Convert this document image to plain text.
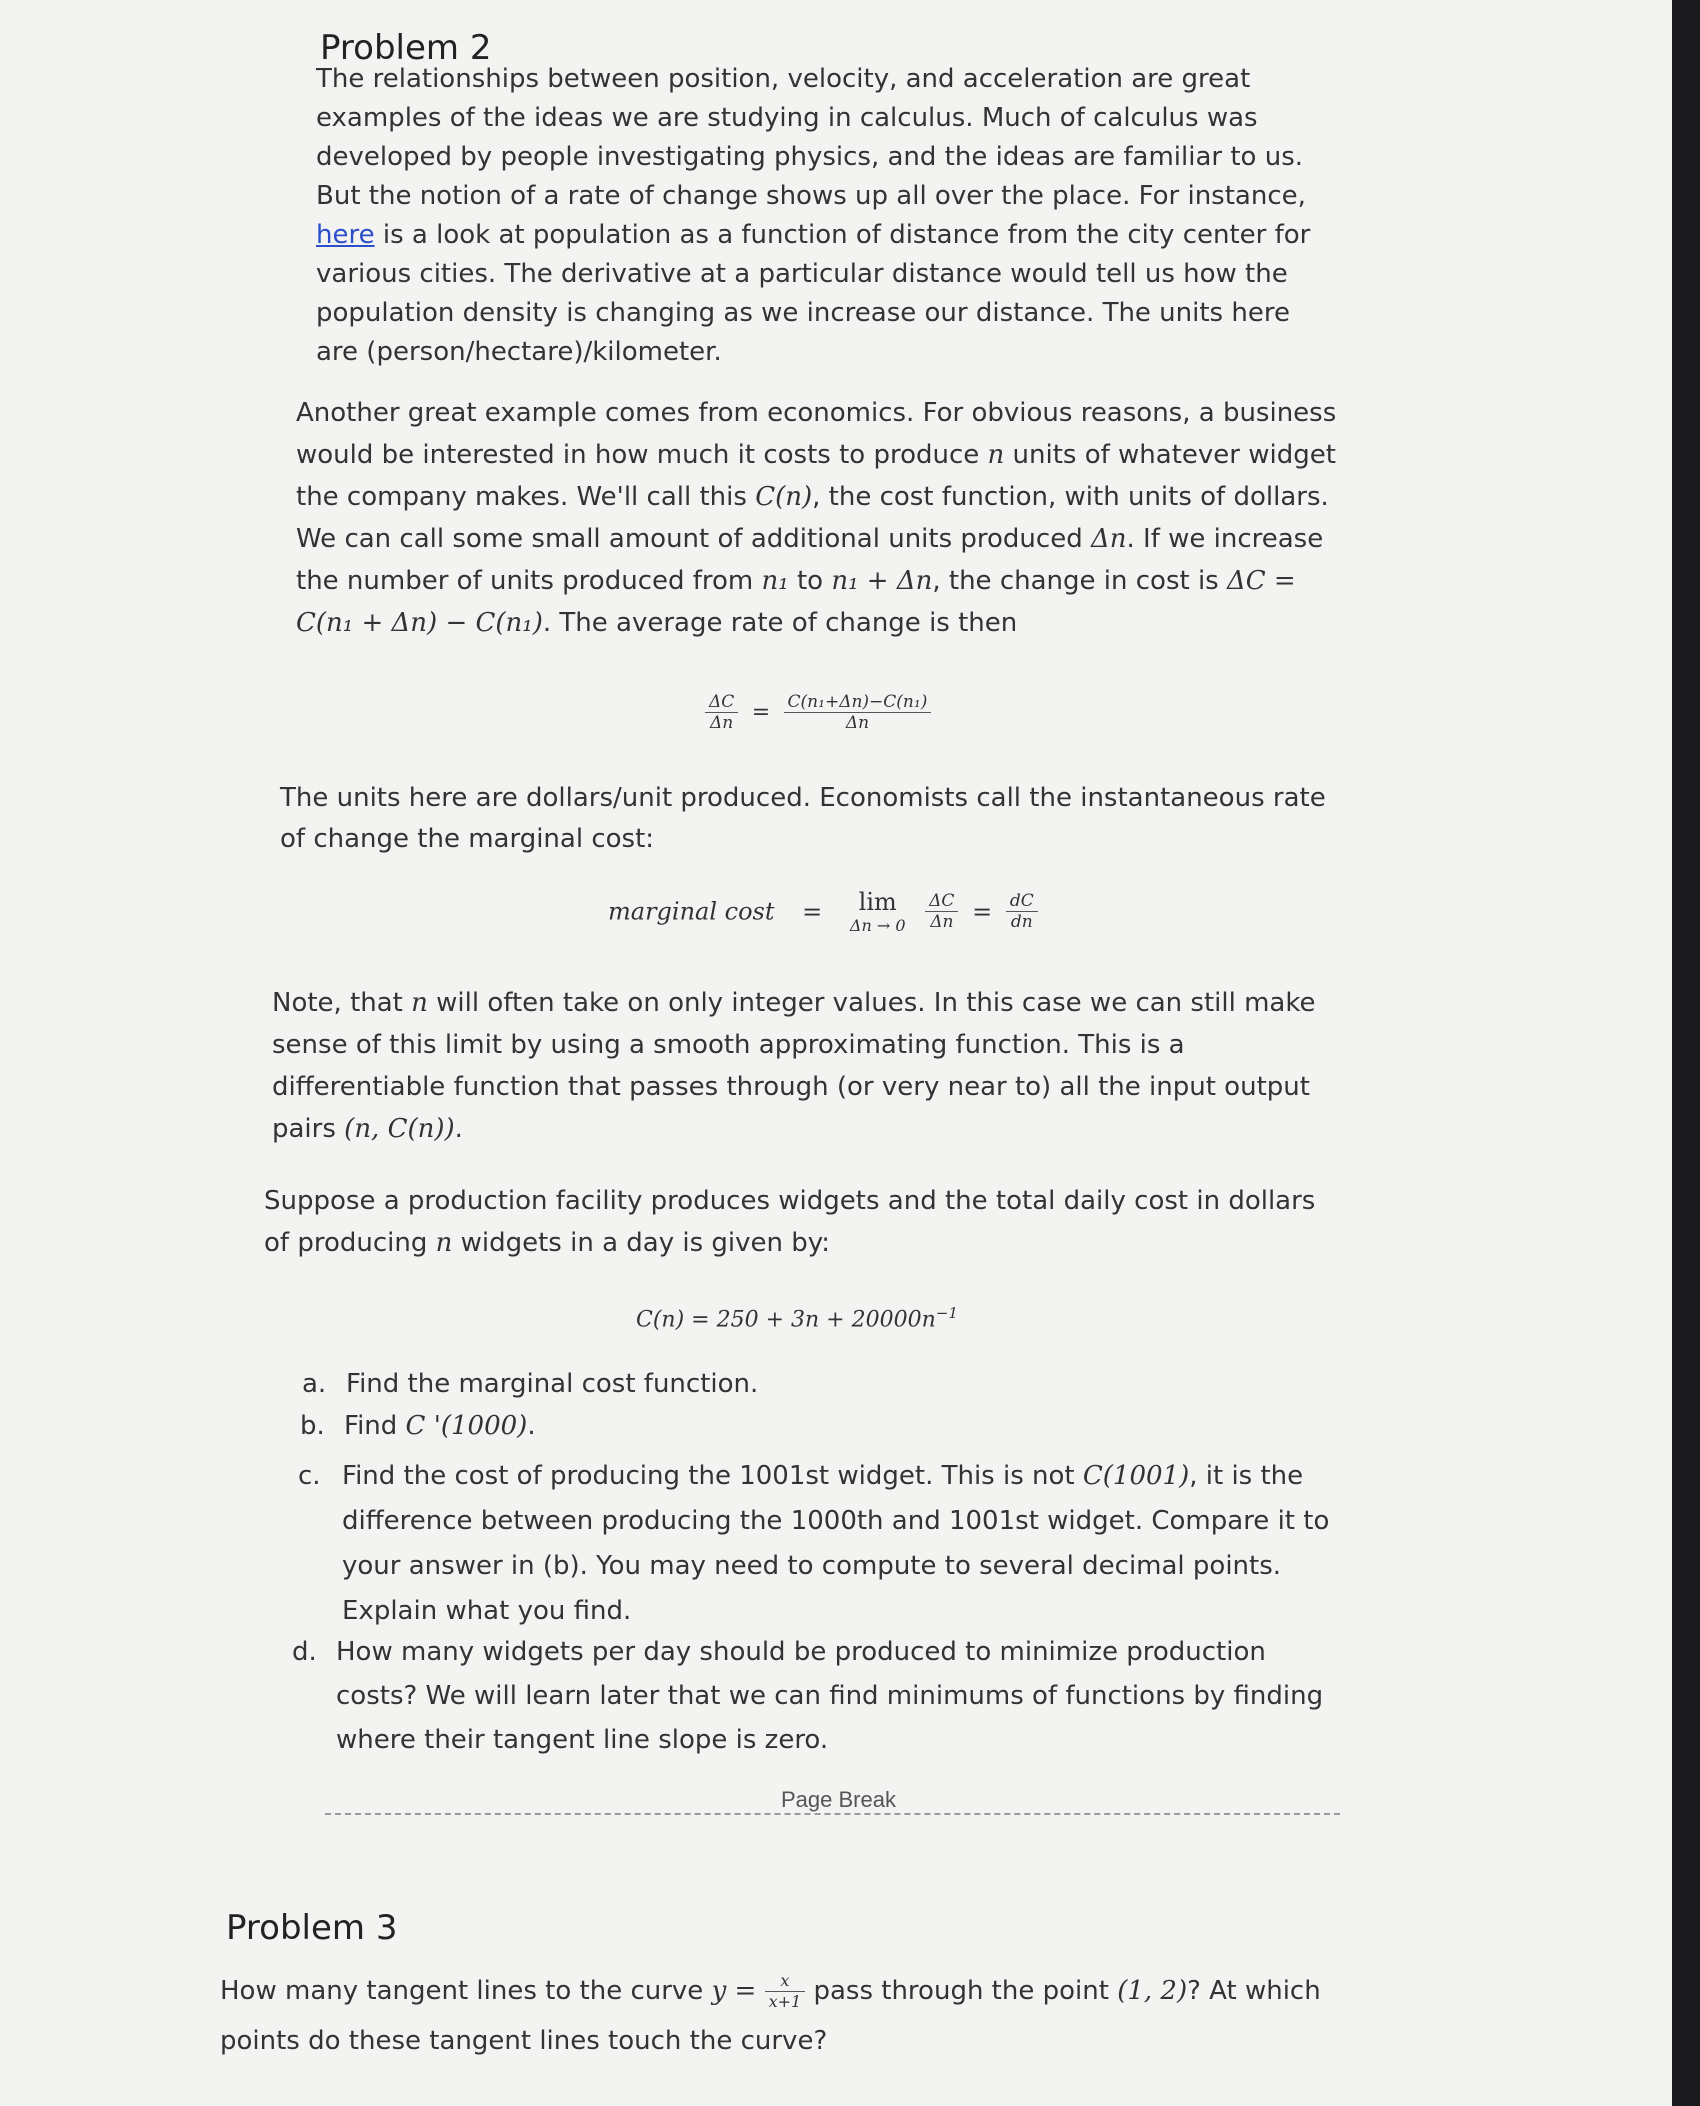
Problem 2

The relationships between position, velocity, and acceleration are great examples of the ideas we are studying in calculus. Much of calculus was developed by people investigating physics, and the ideas are familiar to us. But the notion of a rate of change shows up all over the place. For instance, here is a look at population as a function of distance from the city center for various cities. The derivative at a particular distance would tell us how the population density is changing as we increase our distance. The units here are (person/hectare)/kilometer.

Another great example comes from economics. For obvious reasons, a business would be interested in how much it costs to produce n units of whatever widget the company makes. We'll call this C(n), the cost function, with units of dollars. We can call some small amount of additional units produced Δn. If we increase the number of units produced from n₁ to n₁ + Δn, the change in cost is ΔC = C(n₁ + Δn) − C(n₁). The average rate of change is then

$\frac{\Delta C}{\Delta n} = \frac{\text{C(n₁+Δn)−C(n₁)}}{\Delta n}$

The units here are dollars/unit produced. Economists call the instantaneous rate of change the marginal cost:

marginal cost =	lim
Δn → 0
$\frac{\Delta C}{\Delta n} = \frac{dC}{dn}$

Note, that n will often take on only integer values. In this case we can still make sense of this limit by using a smooth approximating function. This is a differentiable function that passes through (or very near to) all the input output pairs (n, C(n)).

Suppose a production facility produces widgets and the total daily cost in dollars of producing n widgets in a day is given by:

$C(n) = 250 + 3n + 20000n^{-1}$
a. Find the marginal cost function.
b. Find C '(1000).
c. Find the cost of producing the 1001st widget. This is not C(1001), it is the difference between producing the 1000th and 1001st widget. Compare it to your answer in (b). You may need to compute to several decimal points. Explain what you find.
d. How many widgets per day should be produced to minimize production costs? We will learn later that we can find minimums of functions by finding where their tangent line slope is zero.
Page Break
Problem 3

How many tangent lines to the curve $y = \frac{x}{x+1}$ pass through the point (1, 2)? At which points do these tangent lines touch the curve?
